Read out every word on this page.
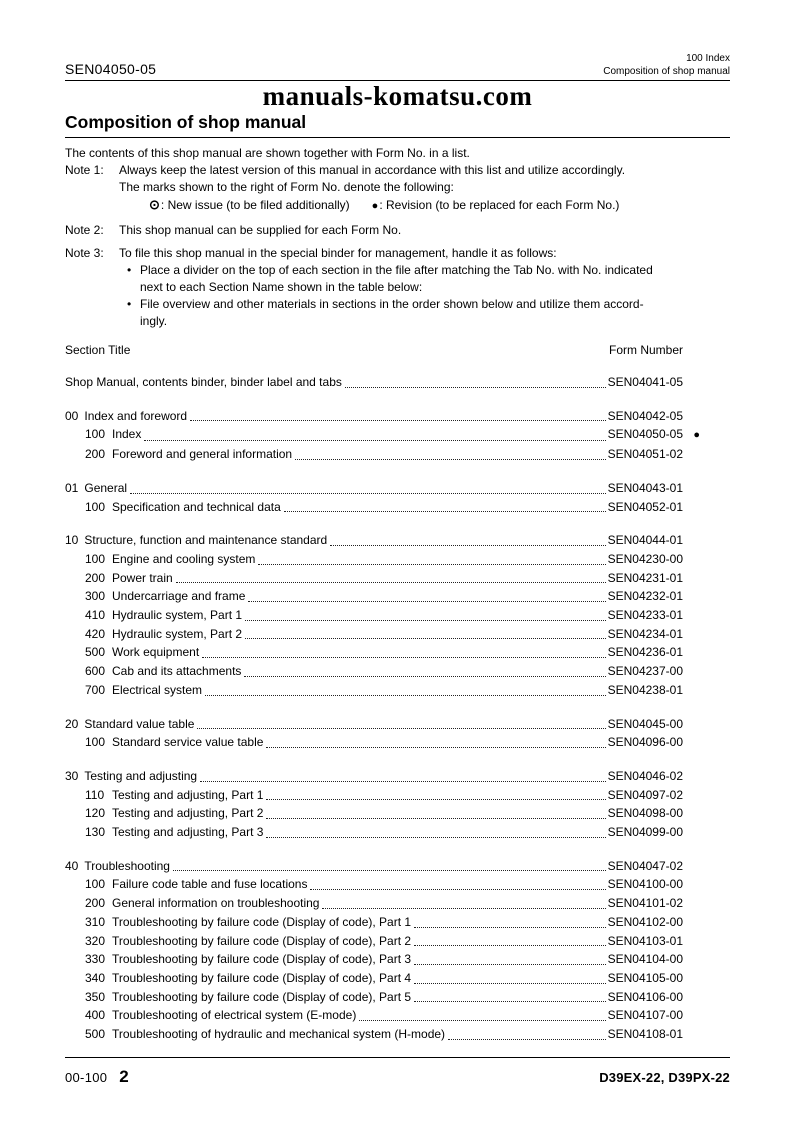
SEN04050-05
100 Index
Composition of shop manual
manuals-komatsu.com
Composition of shop manual

The contents of this shop manual are shown together with Form No. in a list.

Note 1:	Always keep the latest version of this manual in accordance with this list and utilize accordingly.
The marks shown to the right of Form No. denote the following:
⊙ : New issue (to be filed additionally) ● : Revision (to be replaced for each Form No.)
Note 2:	This shop manual can be supplied for each Form No.
Note 3:	To file this shop manual in the special binder for management, handle it as follows:
• Place a divider on the top of each section in the file after matching the Tab No. with No. indicated
next to each Section Name shown in the table below:
• File overview and other materials in sections in the order shown below and utilize them accord-
ingly.
Section Title	Form Number
Shop Manual, contents binder, binder label and tabs	SEN04041-05
00 Index and foreword	SEN04042-05
100 Index	SEN04050-05 ●
200 Foreword and general information	SEN04051-02
01 General	SEN04043-01
100 Specification and technical data	SEN04052-01
10 Structure, function and maintenance standard	SEN04044-01
100 Engine and cooling system	SEN04230-00
200 Power train	SEN04231-01
300 Undercarriage and frame	SEN04232-01
410 Hydraulic system, Part 1	SEN04233-01
420 Hydraulic system, Part 2	SEN04234-01
500 Work equipment	SEN04236-01
600 Cab and its attachments	SEN04237-00
700 Electrical system	SEN04238-01
20 Standard value table	SEN04045-00
100 Standard service value table	SEN04096-00
30 Testing and adjusting	SEN04046-02
110 Testing and adjusting, Part 1	SEN04097-02
120 Testing and adjusting, Part 2	SEN04098-00
130 Testing and adjusting, Part 3	SEN04099-00
40 Troubleshooting	SEN04047-02
100 Failure code table and fuse locations	SEN04100-00
200 General information on troubleshooting	SEN04101-02
310 Troubleshooting by failure code (Display of code), Part 1	SEN04102-00
320 Troubleshooting by failure code (Display of code), Part 2	SEN04103-01
330 Troubleshooting by failure code (Display of code), Part 3	SEN04104-00
340 Troubleshooting by failure code (Display of code), Part 4	SEN04105-00
350 Troubleshooting by failure code (Display of code), Part 5	SEN04106-00
400 Troubleshooting of electrical system (E-mode)	SEN04107-00
500 Troubleshooting of hydraulic and mechanical system (H-mode)	SEN04108-01
00-100 2	D39EX-22, D39PX-22
